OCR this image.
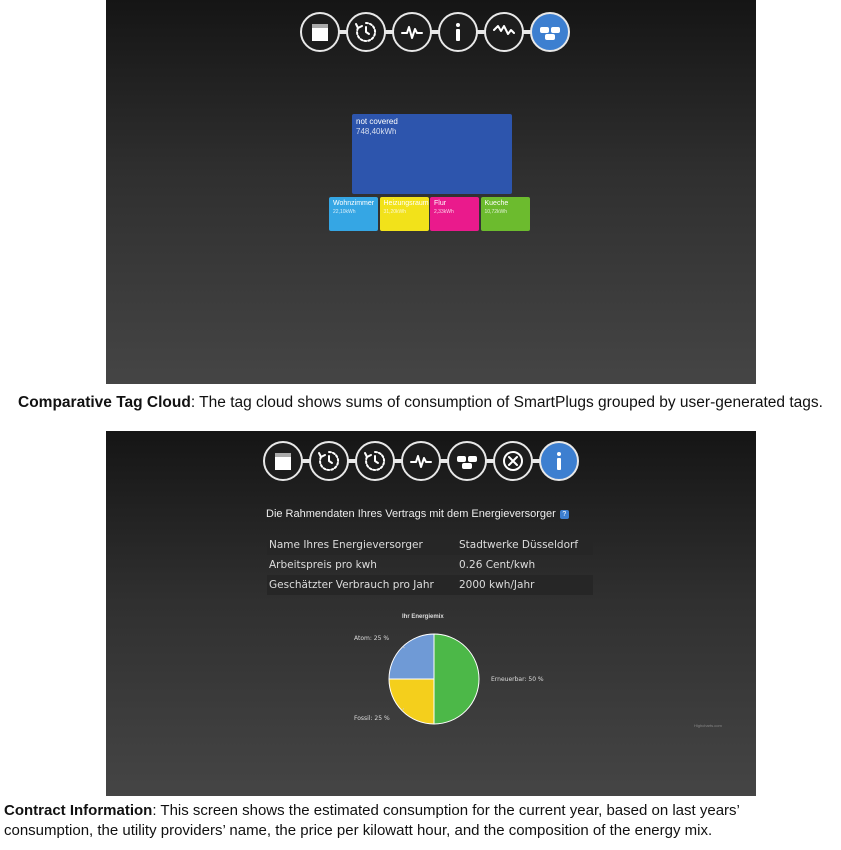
not covered
748,40kWh
Wohnzimmer
22,10kWh
Heizungsraum
31,20kWh
Flur
2,33kWh
Kueche
10,72kWh
Comparative Tag Cloud: The tag cloud shows sums of consumption of SmartPlugs grouped by user-generated tags.
Die Rahmendaten Ihres Vertrags mit dem Energieversorger ?
Name Ihres Energieversorger	Stadtwerke Düsseldorf
Arbeitspreis pro kwh	0.26 Cent/kwh
Geschätzter Verbrauch pro Jahr	2000 kwh/Jahr
Ihr Energiemix
Erneuerbar: 50 %
Fossil: 25 %
Atom: 25 %
Highcharts.com
Contract Information: This screen shows the estimated consumption for the current year, based on last years’
consumption, the utility providers’ name, the price per kilowatt hour, and the composition of the energy mix.
